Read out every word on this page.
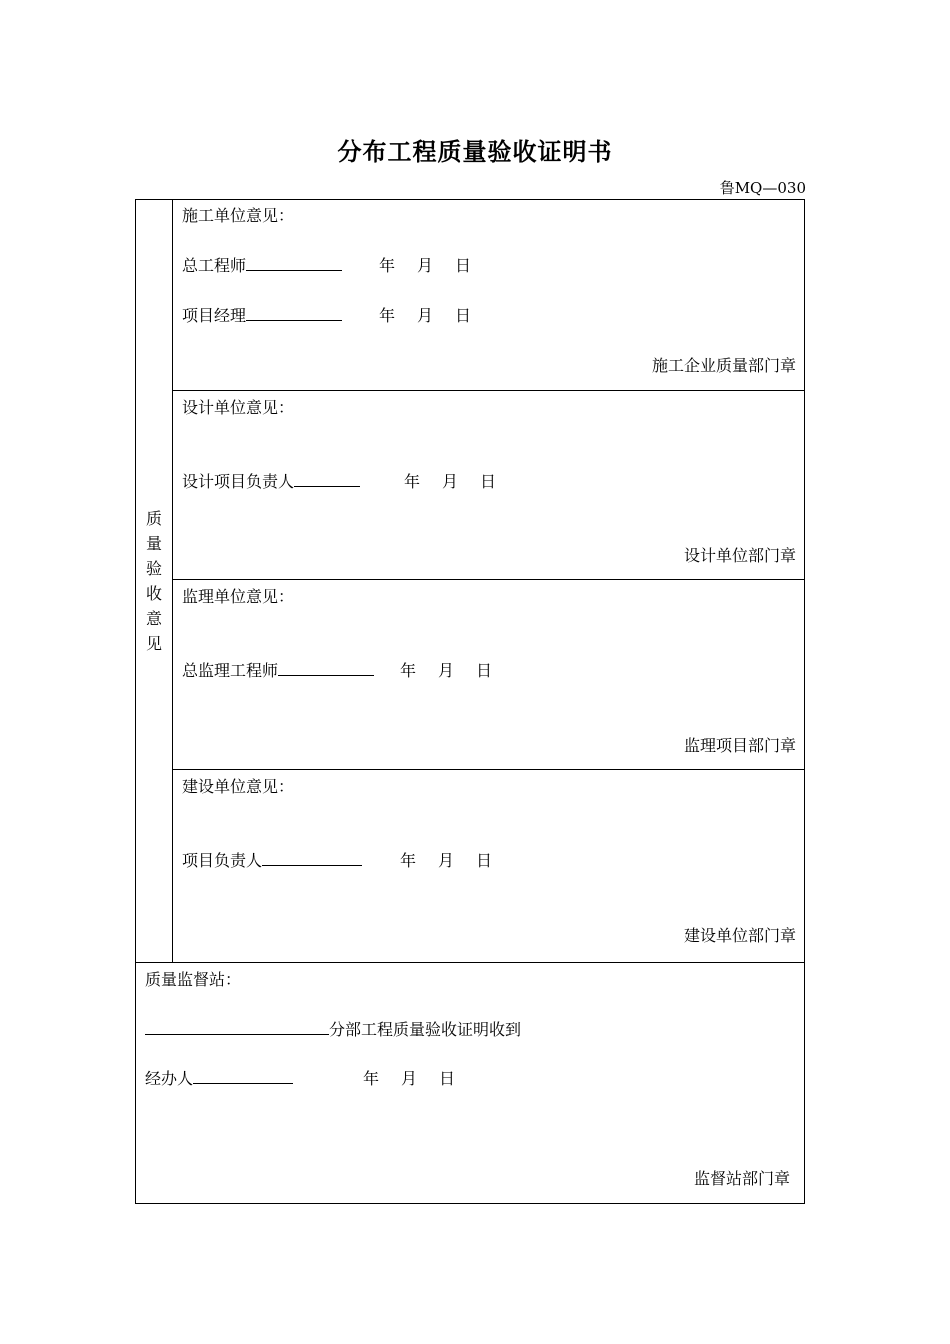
分布工程质量验收证明书
鲁MQ—030
质
量
验
收
意
见
施工单位意见：
总工程师	年 月 日
项目经理	年 月 日
施工企业质量部门章
设计单位意见：
设计项目负责人	年 月 日
设计单位部门章
监理单位意见：
总监理工程师	年 月 日
监理项目部门章
建设单位意见：
项目负责人	年 月 日
建设单位部门章
质量监督站：
分部工程质量验收证明收到
经办人	年 月 日
监督站部门章
